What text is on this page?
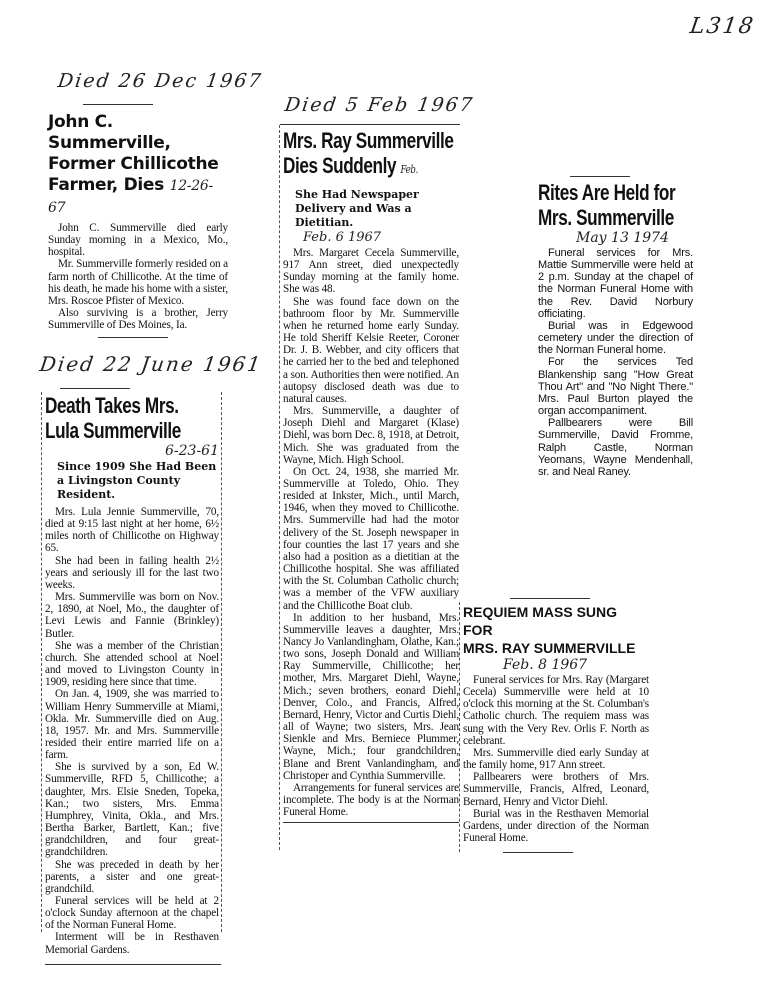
L318
Died 26 Dec 1967
John C. Summerville,
Former Chillicothe
Farmer, Dies 12-26-67

John C. Summerville died early Sunday morning in a Mexico, Mo., hospital.

Mr. Summerville formerly resided on a farm north of Chillicothe. At the time of his death, he made his home with a sister, Mrs. Roscoe Pfister of Mexico.

Also surviving is a brother, Jerry Summerville of Des Moines, Ia.

Died 5 Feb 1967
Mrs. Ray Summerville
Dies Suddenly Feb.
She Had Newspaper Delivery and Was a Dietitian.
Feb. 6 1967

Mrs. Margaret Cecela Summerville, 917 Ann street, died unexpectedly Sunday morning at the family home. She was 48.

She was found face down on the bathroom floor by Mr. Summerville when he returned home early Sunday. He told Sheriff Kelsie Reeter, Coroner Dr. J. B. Webber, and city officers that he carried her to the bed and telephoned a son. Authorities then were notified. An autopsy disclosed death was due to natural causes.

Mrs. Summerville, a daughter of Joseph Diehl and Margaret (Klase) Diehl, was born Dec. 8, 1918, at Detroit, Mich. She was graduated from the Wayne, Mich. High School.

On Oct. 24, 1938, she married Mr. Summerville at Toledo, Ohio. They resided at Inkster, Mich., until March, 1946, when they moved to Chillicothe. Mrs. Summerville had had the motor delivery of the St. Joseph newspaper in four counties the last 17 years and she also had a position as a dietitian at the Chillicothe hospital. She was affiliated with the St. Columban Catholic church; was a member of the VFW auxiliary and the Chillicothe Boat club.

In addition to her husband, Mrs. Summerville leaves a daughter, Mrs. Nancy Jo Vanlandingham, Olathe, Kan.; two sons, Joseph Donald and William Ray Summerville, Chillicothe; her mother, Mrs. Margaret Diehl, Wayne, Mich.; seven brothers, eonard Diehl, Denver, Colo., and Francis, Alfred, Bernard, Henry, Victor and Curtis Diehl, all of Wayne; two sisters, Mrs. Jean Sienkle and Mrs. Berniece Plummer, Wayne, Mich.; four grandchildren, Blane and Brent Vanlandingham, and Christoper and Cynthia Summerville.

Arrangements for funeral services are incomplete. The body is at the Norman Funeral Home.

Died 22 June 1961
Death Takes Mrs.
Lula Summerville
6-23-61
Since 1909 She Had Been a Livingston County Resident.

Mrs. Lula Jennie Summerville, 70, died at 9:15 last night at her home, 6½ miles north of Chillicothe on Highway 65.

She had been in failing health 2½ years and seriously ill for the last two weeks.

Mrs. Summerville was born on Nov. 2, 1890, at Noel, Mo., the daughter of Levi Lewis and Fannie (Brinkley) Butler.

She was a member of the Christian church. She attended school at Noel and moved to Livingston County in 1909, residing here since that time.

On Jan. 4, 1909, she was married to William Henry Summerville at Miami, Okla. Mr. Summerville died on Aug. 18, 1957. Mr. and Mrs. Summerville resided their entire married life on a farm.

She is survived by a son, Ed W. Summerville, RFD 5, Chillicothe; a daughter, Mrs. Elsie Sneden, Topeka, Kan.; two sisters, Mrs. Emma Humphrey, Vinita, Okla., and Mrs. Bertha Barker, Bartlett, Kan.; five grandchildren, and four great-grandchildren.

She was preceded in death by her parents, a sister and one great-grandchild.

Funeral services will be held at 2 o'clock Sunday afternoon at the chapel of the Norman Funeral Home.

Interment will be in Resthaven Memorial Gardens.

Rites Are Held for
Mrs. Summerville
May 13 1974

Funeral services for Mrs. Mattie Summerville were held at 2 p.m. Sunday at the chapel of the Norman Funeral Home with the Rev. David Norbury officiating.

Burial was in Edgewood cemetery under the direction of the Norman Funeral home.

For the services Ted Blankenship sang "How Great Thou Art" and "No Night There." Mrs. Paul Burton played the organ accompaniment.

Pallbearers were Bill Summerville, David Fromme, Ralph Castle, Norman Yeomans, Wayne Mendenhall, sr. and Neal Raney.

REQUIEM MASS SUNG FOR
MRS. RAY SUMMERVILLE
Feb. 8 1967

Funeral services for Mrs. Ray (Margaret Cecela) Summerville were held at 10 o'clock this morning at the St. Columban's Catholic church. The requiem mass was sung with the Very Rev. Orlis F. North as celebrant.

Mrs. Summerville died early Sunday at the family home, 917 Ann street.

Pallbearers were brothers of Mrs. Summerville, Francis, Alfred, Leonard, Bernard, Henry and Victor Diehl.

Burial was in the Resthaven Memorial Gardens, under direction of the Norman Funeral Home.
